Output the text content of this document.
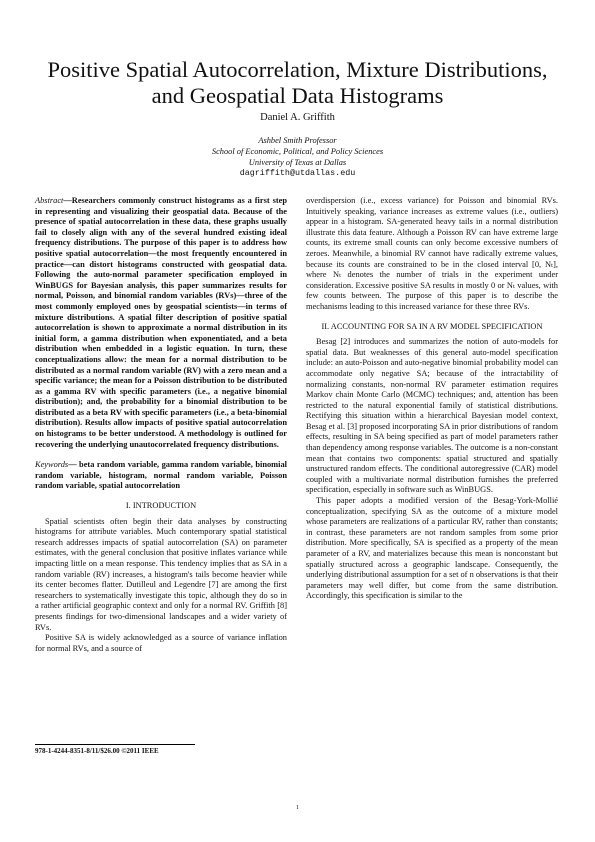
Positive Spatial Autocorrelation, Mixture Distributions, and Geospatial Data Histograms

Daniel A. Griffith

Ashbel Smith Professor
School of Economic, Political, and Policy Sciences
University of Texas at Dallas
dagriffith@utdallas.edu

Abstract—Researchers commonly construct histograms as a first step in representing and visualizing their geospatial data. Because of the presence of spatial autocorrelation in these data, these graphs usually fail to closely align with any of the several hundred existing ideal frequency distributions. The purpose of this paper is to address how positive spatial autocorrelation—the most frequently encountered in practice—can distort histograms constructed with geospatial data. Following the auto-normal parameter specification employed in WinBUGS for Bayesian analysis, this paper summarizes results for normal, Poisson, and binomial random variables (RVs)—three of the most commonly employed ones by geospatial scientists—in terms of mixture distributions. A spatial filter description of positive spatial autocorrelation is shown to approximate a normal distribution in its initial form, a gamma distribution when exponentiated, and a beta distribution when embedded in a logistic equation. In turn, these conceptualizations allow: the mean for a normal distribution to be distributed as a normal random variable (RV) with a zero mean and a specific variance; the mean for a Poisson distribution to be distributed as a gamma RV with specific parameters (i.e., a negative binomial distribution); and, the probability for a binomial distribution to be distributed as a beta RV with specific parameters (i.e., a beta-binomial distribution). Results allow impacts of positive spatial autocorrelation on histograms to be better understood. A methodology is outlined for recovering the underlying unautocorrelated frequency distributions.

Keywords— beta random variable, gamma random variable, binomial random variable, histogram, normal random variable, Poisson random variable, spatial autocorrelation

I. INTRODUCTION

Spatial scientists often begin their data analyses by constructing histograms for attribute variables. Much contemporary spatial statistical research addresses impacts of spatial autocorrelation (SA) on parameter estimates, with the general conclusion that positive inflates variance while impacting little on a mean response. This tendency implies that as SA in a random variable (RV) increases, a histogram's tails become heavier while its center becomes flatter. Dutilleul and Legendre [7] are among the first researchers to systematically investigate this topic, although they do so in a rather artificial geographic context and only for a normal RV. Griffith [8] presents findings for two-dimensional landscapes and a wider variety of RVs.

Positive SA is widely acknowledged as a source of variance inflation for normal RVs, and a source of

overdispersion (i.e., excess variance) for Poisson and binomial RVs. Intuitively speaking, variance increases as extreme values (i.e., outliers) appear in a histogram. SA-generated heavy tails in a normal distribution illustrate this data feature. Although a Poisson RV can have extreme large counts, its extreme small counts can only become excessive numbers of zeroes. Meanwhile, a binomial RV cannot have radically extreme values, because its counts are constrained to be in the closed interval [0, Nₜ], where Nₜ denotes the number of trials in the experiment under consideration. Excessive positive SA results in mostly 0 or Nₜ values, with few counts between. The purpose of this paper is to describe the mechanisms leading to this increased variance for these three RVs.

II. ACCOUNTING FOR SA IN A RV MODEL SPECIFICATION

Besag [2] introduces and summarizes the notion of auto-models for spatial data. But weaknesses of this general auto-model specification include: an auto-Poisson and auto-negative binomial probability model can accommodate only negative SA; because of the intractability of normalizing constants, non-normal RV parameter estimation requires Markov chain Monte Carlo (MCMC) techniques; and, attention has been restricted to the natural exponential family of statistical distributions. Rectifying this situation within a hierarchical Bayesian model context, Besag et al. [3] proposed incorporating SA in prior distributions of random effects, resulting in SA being specified as part of model parameters rather than dependency among response variables. The outcome is a non-constant mean that contains two components: spatial structured and spatially unstructured random effects. The conditional autoregressive (CAR) model coupled with a multivariate normal distribution furnishes the preferred specification, especially in software such as WinBUGS.

This paper adopts a modified version of the Besag-York-Mollié conceptualization, specifying SA as the outcome of a mixture model whose parameters are realizations of a particular RV, rather than constants; in contrast, these parameters are not random samples from some prior distribution. More specifically, SA is specified as a property of the mean parameter of a RV, and materializes because this mean is nonconstant but spatially structured across a geographic landscape. Consequently, the underlying distributional assumption for a set of n observations is that their parameters may well differ, but come from the same distribution. Accordingly, this specification is similar to the

978-1-4244-8351-8/11/$26.00 ©2011 IEEE
1
